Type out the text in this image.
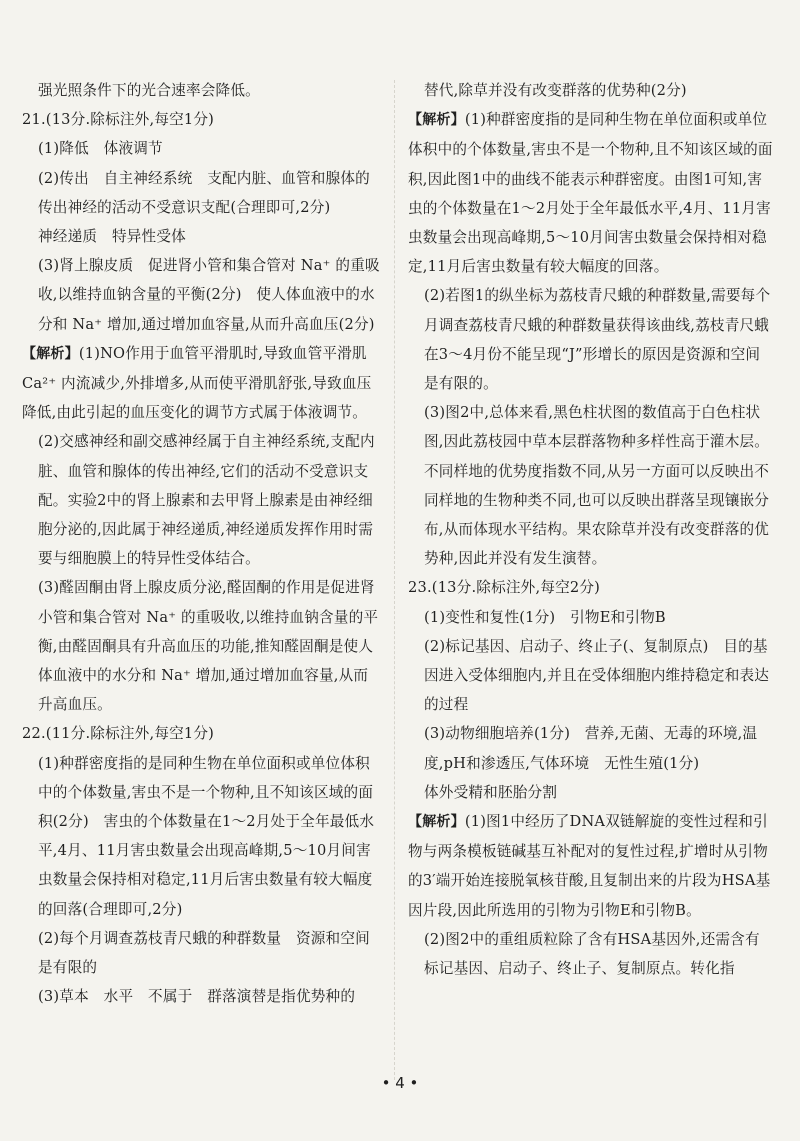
强光照条件下的光合速率会降低。

21.(13分.除标注外,每空1分)

(1)降低　体液调节

(2)传出　自主神经系统　支配内脏、血管和腺体的传出神经的活动不受意识支配(合理即可,2分)

神经递质　特异性受体

(3)肾上腺皮质　促进肾小管和集合管对 Na⁺ 的重吸收,以维持血钠含量的平衡(2分)　使人体血液中的水分和 Na⁺ 增加,通过增加血容量,从而升高血压(2分)

【解析】(1)NO作用于血管平滑肌时,导致血管平滑肌 Ca²⁺ 内流减少,外排增多,从而使平滑肌舒张,导致血压降低,由此引起的血压变化的调节方式属于体液调节。

(2)交感神经和副交感神经属于自主神经系统,支配内脏、血管和腺体的传出神经,它们的活动不受意识支配。实验2中的肾上腺素和去甲肾上腺素是由神经细胞分泌的,因此属于神经递质,神经递质发挥作用时需要与细胞膜上的特异性受体结合。

(3)醛固酮由肾上腺皮质分泌,醛固酮的作用是促进肾小管和集合管对 Na⁺ 的重吸收,以维持血钠含量的平衡,由醛固酮具有升高血压的功能,推知醛固酮是使人体血液中的水分和 Na⁺ 增加,通过增加血容量,从而升高血压。

22.(11分.除标注外,每空1分)

(1)种群密度指的是同种生物在单位面积或单位体积中的个体数量,害虫不是一个物种,且不知该区域的面积(2分)　害虫的个体数量在1～2月处于全年最低水平,4月、11月害虫数量会出现高峰期,5～10月间害虫数量会保持相对稳定,11月后害虫数量有较大幅度的回落(合理即可,2分)

(2)每个月调查荔枝青尺蛾的种群数量　资源和空间是有限的

(3)草本　水平　不属于　群落演替是指优势种的

替代,除草并没有改变群落的优势种(2分)

【解析】(1)种群密度指的是同种生物在单位面积或单位体积中的个体数量,害虫不是一个物种,且不知该区域的面积,因此图1中的曲线不能表示种群密度。由图1可知,害虫的个体数量在1～2月处于全年最低水平,4月、11月害虫数量会出现高峰期,5～10月间害虫数量会保持相对稳定,11月后害虫数量有较大幅度的回落。

(2)若图1的纵坐标为荔枝青尺蛾的种群数量,需要每个月调查荔枝青尺蛾的种群数量获得该曲线,荔枝青尺蛾在3～4月份不能呈现“J”形增长的原因是资源和空间是有限的。

(3)图2中,总体来看,黑色柱状图的数值高于白色柱状图,因此荔枝园中草本层群落物种多样性高于灌木层。不同样地的优势度指数不同,从另一方面可以反映出不同样地的生物种类不同,也可以反映出群落呈现镶嵌分布,从而体现水平结构。果农除草并没有改变群落的优势种,因此并没有发生演替。

23.(13分.除标注外,每空2分)

(1)变性和复性(1分)　引物E和引物B

(2)标记基因、启动子、终止子(、复制原点)　目的基因进入受体细胞内,并且在受体细胞内维持稳定和表达的过程

(3)动物细胞培养(1分)　营养,无菌、无毒的环境,温度,pH和渗透压,气体环境　无性生殖(1分)

体外受精和胚胎分割

【解析】(1)图1中经历了DNA双链解旋的变性过程和引物与两条模板链碱基互补配对的复性过程,扩增时从引物的3′端开始连接脱氧核苷酸,且复制出来的片段为HSA基因片段,因此所选用的引物为引物E和引物B。

(2)图2中的重组质粒除了含有HSA基因外,还需含有标记基因、启动子、终止子、复制原点。转化指

• 4 •
